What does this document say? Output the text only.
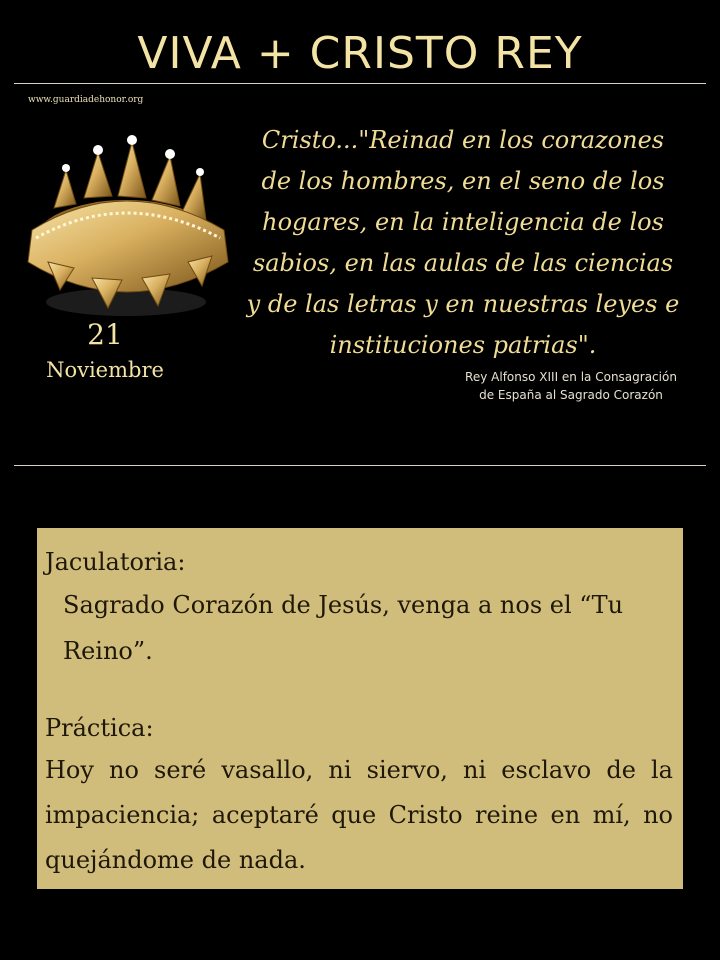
VIVA + CRISTO REY
www.guardiadehonor.org
21
Noviembre
Cristo..."Reinad en los corazones de los hombres, en el seno de los hogares, en la inteligencia de los sabios, en las aulas de las ciencias y de las letras y en nuestras leyes e instituciones patrias".
Rey Alfonso XIII en la Consagración
de España al Sagrado Corazón
Jaculatoria:
Sagrado Corazón de Jesús, venga a nos el “Tu Reino”.
Práctica:
Hoy no seré vasallo, ni siervo, ni esclavo de la impaciencia; aceptaré que Cristo reine en mí, no quejándome de nada.
